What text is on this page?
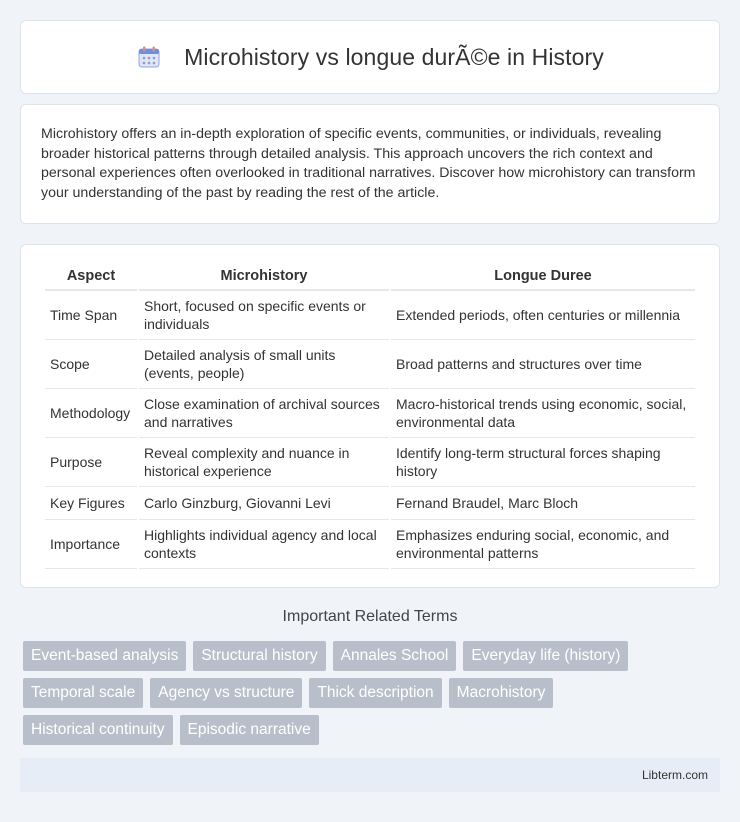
Microhistory vs longue durÃ©e in History

Microhistory offers an in-depth exploration of specific events, communities, or individuals, revealing broader historical patterns through detailed analysis. This approach uncovers the rich context and personal experiences often overlooked in traditional narratives. Discover how microhistory can transform your understanding of the past by reading the rest of the article.

Aspect	Microhistory	Longue Duree
Time Span	Short, focused on specific events or individuals	Extended periods, often centuries or millennia
Scope	Detailed analysis of small units (events, people)	Broad patterns and structures over time
Methodology	Close examination of archival sources and narratives	Macro-historical trends using economic, social, environmental data
Purpose	Reveal complexity and nuance in historical experience	Identify long-term structural forces shaping history
Key Figures	Carlo Ginzburg, Giovanni Levi	Fernand Braudel, Marc Bloch
Importance	Highlights individual agency and local contexts	Emphasizes enduring social, economic, and environmental patterns
Important Related Terms
Event-based analysis	Structural history	Annales School	Everyday life (history)
Temporal scale	Agency vs structure	Thick description	Macrohistory
Historical continuity	Episodic narrative
Libterm.com
